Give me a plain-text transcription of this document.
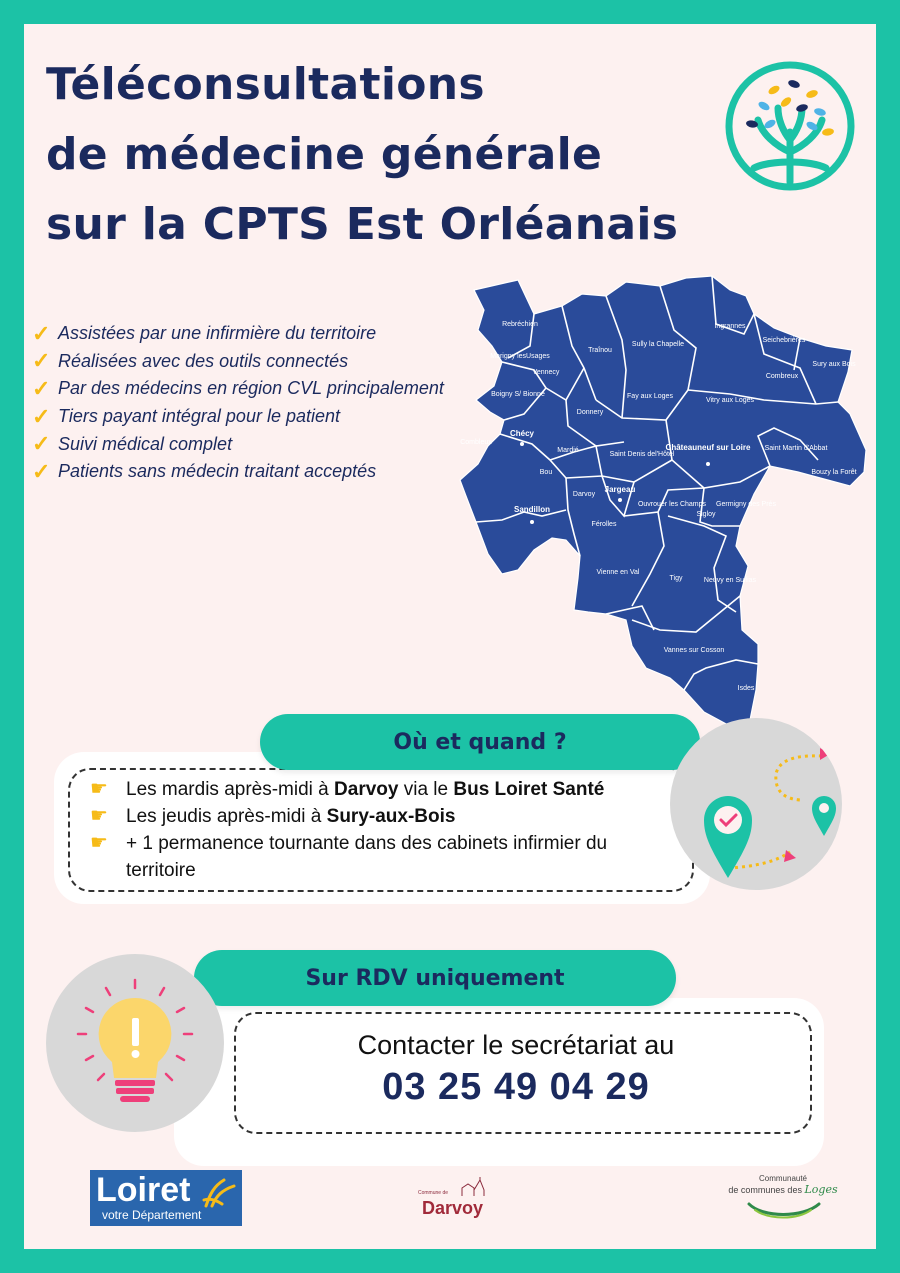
Téléconsultations
de médecine générale
sur la CPTS Est Orléanais
✓ Assistées par une infirmière du territoire
✓ Réalisées avec des outils connectés
✓ Par des médecins en région CVL principalement
✓ Tiers payant intégral pour le patient
✓ Suivi médical complet
✓ Patients sans médecin traitant acceptés
Rebréchien	Ingrannes
Traînou
Sully la Chapelle
Seichebrières
Marigny lesUsages
Vennecy
Sury aux Bois
Combreux
Boigny S/ Bionne	Fay aux Loges
Donnery
Vitry aux Loges
Combleux
Chécy
Mardié
Saint Denis del'Hôtel
Châteauneuf sur Loire Saint Martin d'Abbat
Bouzy la Forêt
Bou
Darvoy
Jargeau
Ouvrouer les Champs
Sigloy
Germigny des Prés
Sandillon
Férolles
Vienne en Val
Tigy	Neuvy en Sullias
Vannes sur Cosson
Isdes
Où et quand ?
☛ Les mardis après-midi à Darvoy via le Bus Loiret Santé
☛ Les jeudis après-midi à Sury-aux-Bois
☛ + 1 permanence tournante dans des cabinets infirmier du territoire
Sur RDV uniquement
Contacter le secrétariat au
03 25 49 04 29
Loiret
votre Département
Commune de
Darvoy
Communauté
de communes des Loges
